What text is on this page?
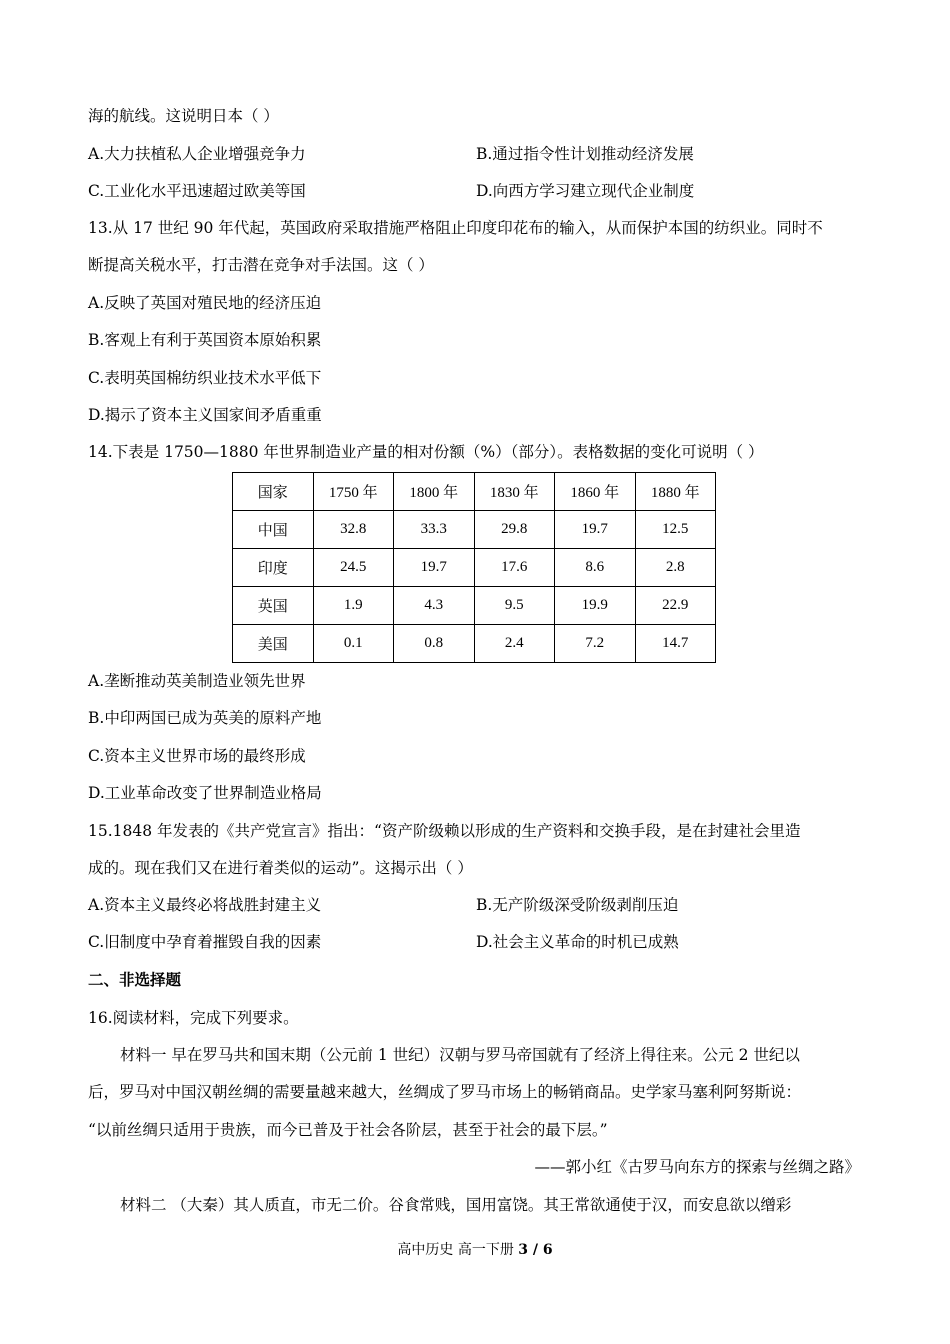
海的航线。这说明日本（ ）
A.大力扶植私人企业增强竞争力	B.通过指令性计划推动经济发展
C.工业化水平迅速超过欧美等国	D.向西方学习建立现代企业制度
13.从 17 世纪 90 年代起，英国政府采取措施严格阻止印度印花布的输入，从而保护本国的纺织业。同时不
断提高关税水平，打击潜在竞争对手法国。这（ ）
A.反映了英国对殖民地的经济压迫
B.客观上有利于英国资本原始积累
C.表明英国棉纺织业技术水平低下
D.揭示了资本主义国家间矛盾重重
14.下表是 1750—1880 年世界制造业产量的相对份额（%）（部分）。表格数据的变化可说明（ ）
国家	1750 年	1800 年	1830 年	1860 年	1880 年
中国	32.8	33.3	29.8	19.7	12.5
印度	24.5	19.7	17.6	8.6	2.8
英国	1.9	4.3	9.5	19.9	22.9
美国	0.1	0.8	2.4	7.2	14.7
A.垄断推动英美制造业领先世界
B.中印两国已成为英美的原料产地
C.资本主义世界市场的最终形成
D.工业革命改变了世界制造业格局
15.1848 年发表的《共产党宣言》指出：“资产阶级赖以形成的生产资料和交换手段，是在封建社会里造
成的。现在我们又在进行着类似的运动”。这揭示出（ ）
A.资本主义最终必将战胜封建主义	B.无产阶级深受阶级剥削压迫
C.旧制度中孕育着摧毁自我的因素	D.社会主义革命的时机已成熟
二、非选择题
16.阅读材料，完成下列要求。
材料一 早在罗马共和国末期（公元前 1 世纪）汉朝与罗马帝国就有了经济上得往来。公元 2 世纪以
后，罗马对中国汉朝丝绸的需要量越来越大，丝绸成了罗马市场上的畅销商品。史学家马塞利阿努斯说：
“以前丝绸只适用于贵族，而今已普及于社会各阶层，甚至于社会的最下层。”
——郭小红《古罗马向东方的探索与丝绸之路》
材料二 （大秦）其人质直，市无二价。谷食常贱，国用富饶。其王常欲通使于汉，而安息欲以缯彩
高中历史 高一下册 3 / 6
